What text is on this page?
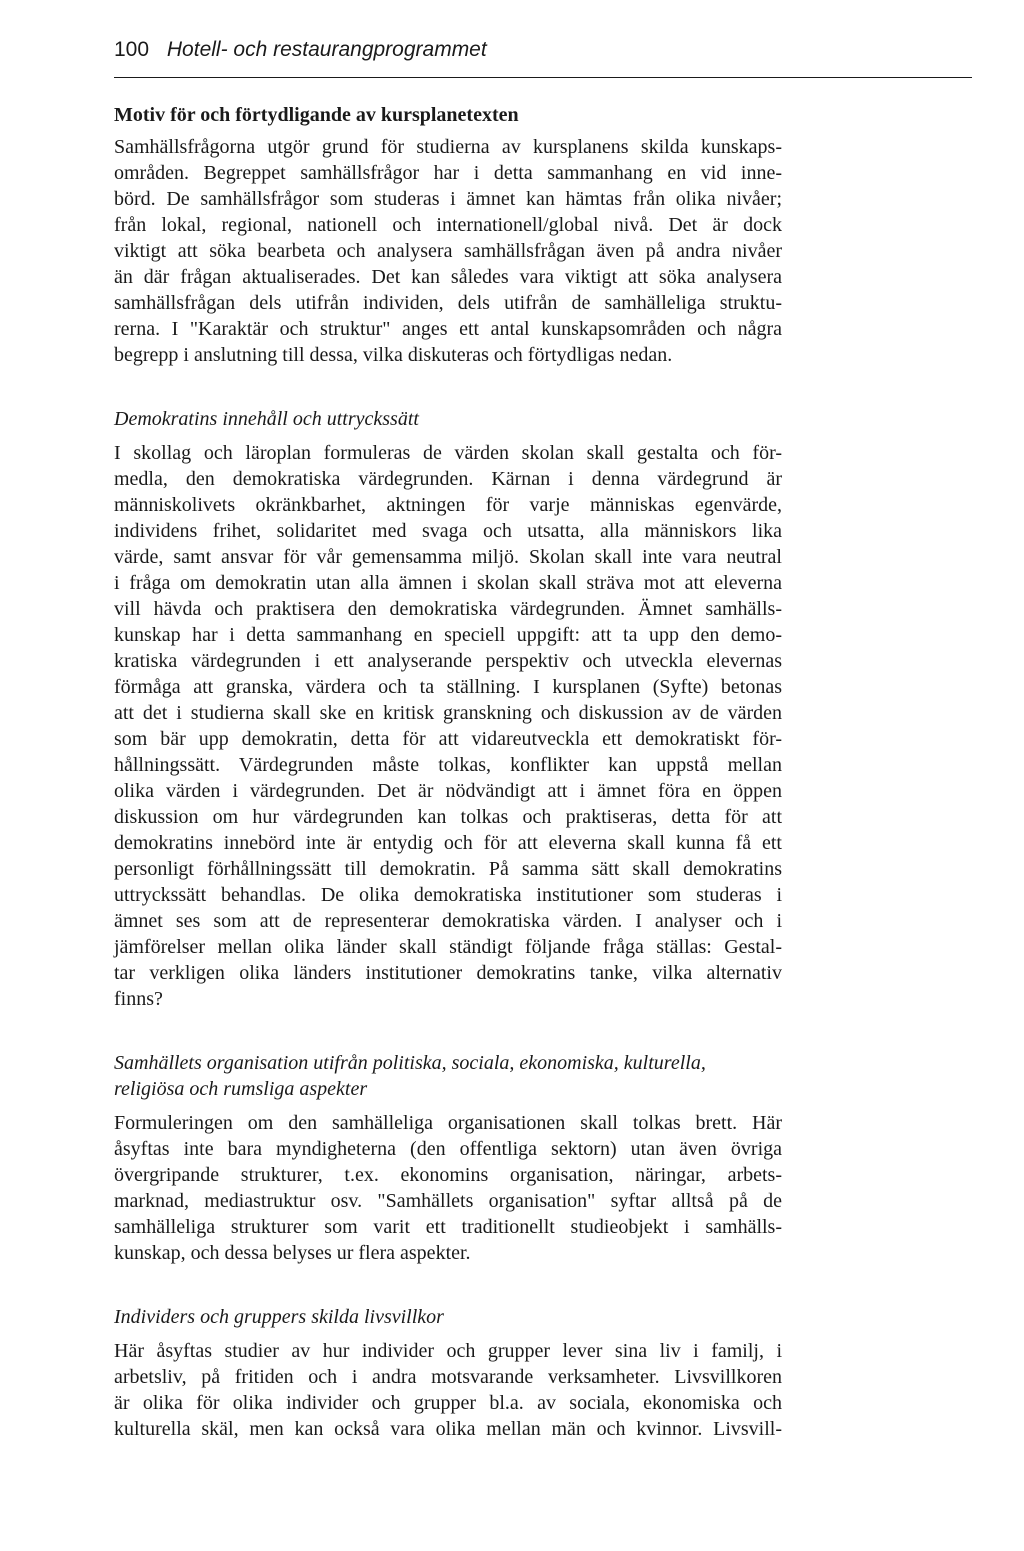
100 Hotell- och restaurangprogrammet
Motiv för och förtydligande av kursplanetexten
Samhällsfrågorna utgör grund för studierna av kursplanens skilda kunskaps-
områden. Begreppet samhällsfrågor har i detta sammanhang en vid inne-
börd. De samhällsfrågor som studeras i ämnet kan hämtas från olika nivåer;
från lokal, regional, nationell och internationell/global nivå. Det är dock
viktigt att söka bearbeta och analysera samhällsfrågan även på andra nivåer
än där frågan aktualiserades. Det kan således vara viktigt att söka analysera
samhällsfrågan dels utifrån individen, dels utifrån de samhälleliga struktu-
rerna. I "Karaktär och struktur" anges ett antal kunskapsområden och några
begrepp i anslutning till dessa, vilka diskuteras och förtydligas nedan.
Demokratins innehåll och uttryckssätt
I skollag och läroplan formuleras de värden skolan skall gestalta och för-
medla, den demokratiska värdegrunden. Kärnan i denna värdegrund är
människolivets okränkbarhet, aktningen för varje människas egenvärde,
individens frihet, solidaritet med svaga och utsatta, alla människors lika
värde, samt ansvar för vår gemensamma miljö. Skolan skall inte vara neutral
i fråga om demokratin utan alla ämnen i skolan skall sträva mot att eleverna
vill hävda och praktisera den demokratiska värdegrunden. Ämnet samhälls-
kunskap har i detta sammanhang en speciell uppgift: att ta upp den demo-
kratiska värdegrunden i ett analyserande perspektiv och utveckla elevernas
förmåga att granska, värdera och ta ställning. I kursplanen (Syfte) betonas
att det i studierna skall ske en kritisk granskning och diskussion av de värden
som bär upp demokratin, detta för att vidareutveckla ett demokratiskt för-
hållningssätt. Värdegrunden måste tolkas, konflikter kan uppstå mellan
olika värden i värdegrunden. Det är nödvändigt att i ämnet föra en öppen
diskussion om hur värdegrunden kan tolkas och praktiseras, detta för att
demokratins innebörd inte är entydig och för att eleverna skall kunna få ett
personligt förhållningssätt till demokratin. På samma sätt skall demokratins
uttryckssätt behandlas. De olika demokratiska institutioner som studeras i
ämnet ses som att de representerar demokratiska värden. I analyser och i
jämförelser mellan olika länder skall ständigt följande fråga ställas: Gestal-
tar verkligen olika länders institutioner demokratins tanke, vilka alternativ
finns?
Samhällets organisation utifrån politiska, sociala, ekonomiska, kulturella,
religiösa och rumsliga aspekter
Formuleringen om den samhälleliga organisationen skall tolkas brett. Här
åsyftas inte bara myndigheterna (den offentliga sektorn) utan även övriga
övergripande strukturer, t.ex. ekonomins organisation, näringar, arbets-
marknad, mediastruktur osv. "Samhällets organisation" syftar alltså på de
samhälleliga strukturer som varit ett traditionellt studieobjekt i samhälls-
kunskap, och dessa belyses ur flera aspekter.
Individers och gruppers skilda livsvillkor
Här åsyftas studier av hur individer och grupper lever sina liv i familj, i
arbetsliv, på fritiden och i andra motsvarande verksamheter. Livsvillkoren
är olika för olika individer och grupper bl.a. av sociala, ekonomiska och
kulturella skäl, men kan också vara olika mellan män och kvinnor. Livsvill-
